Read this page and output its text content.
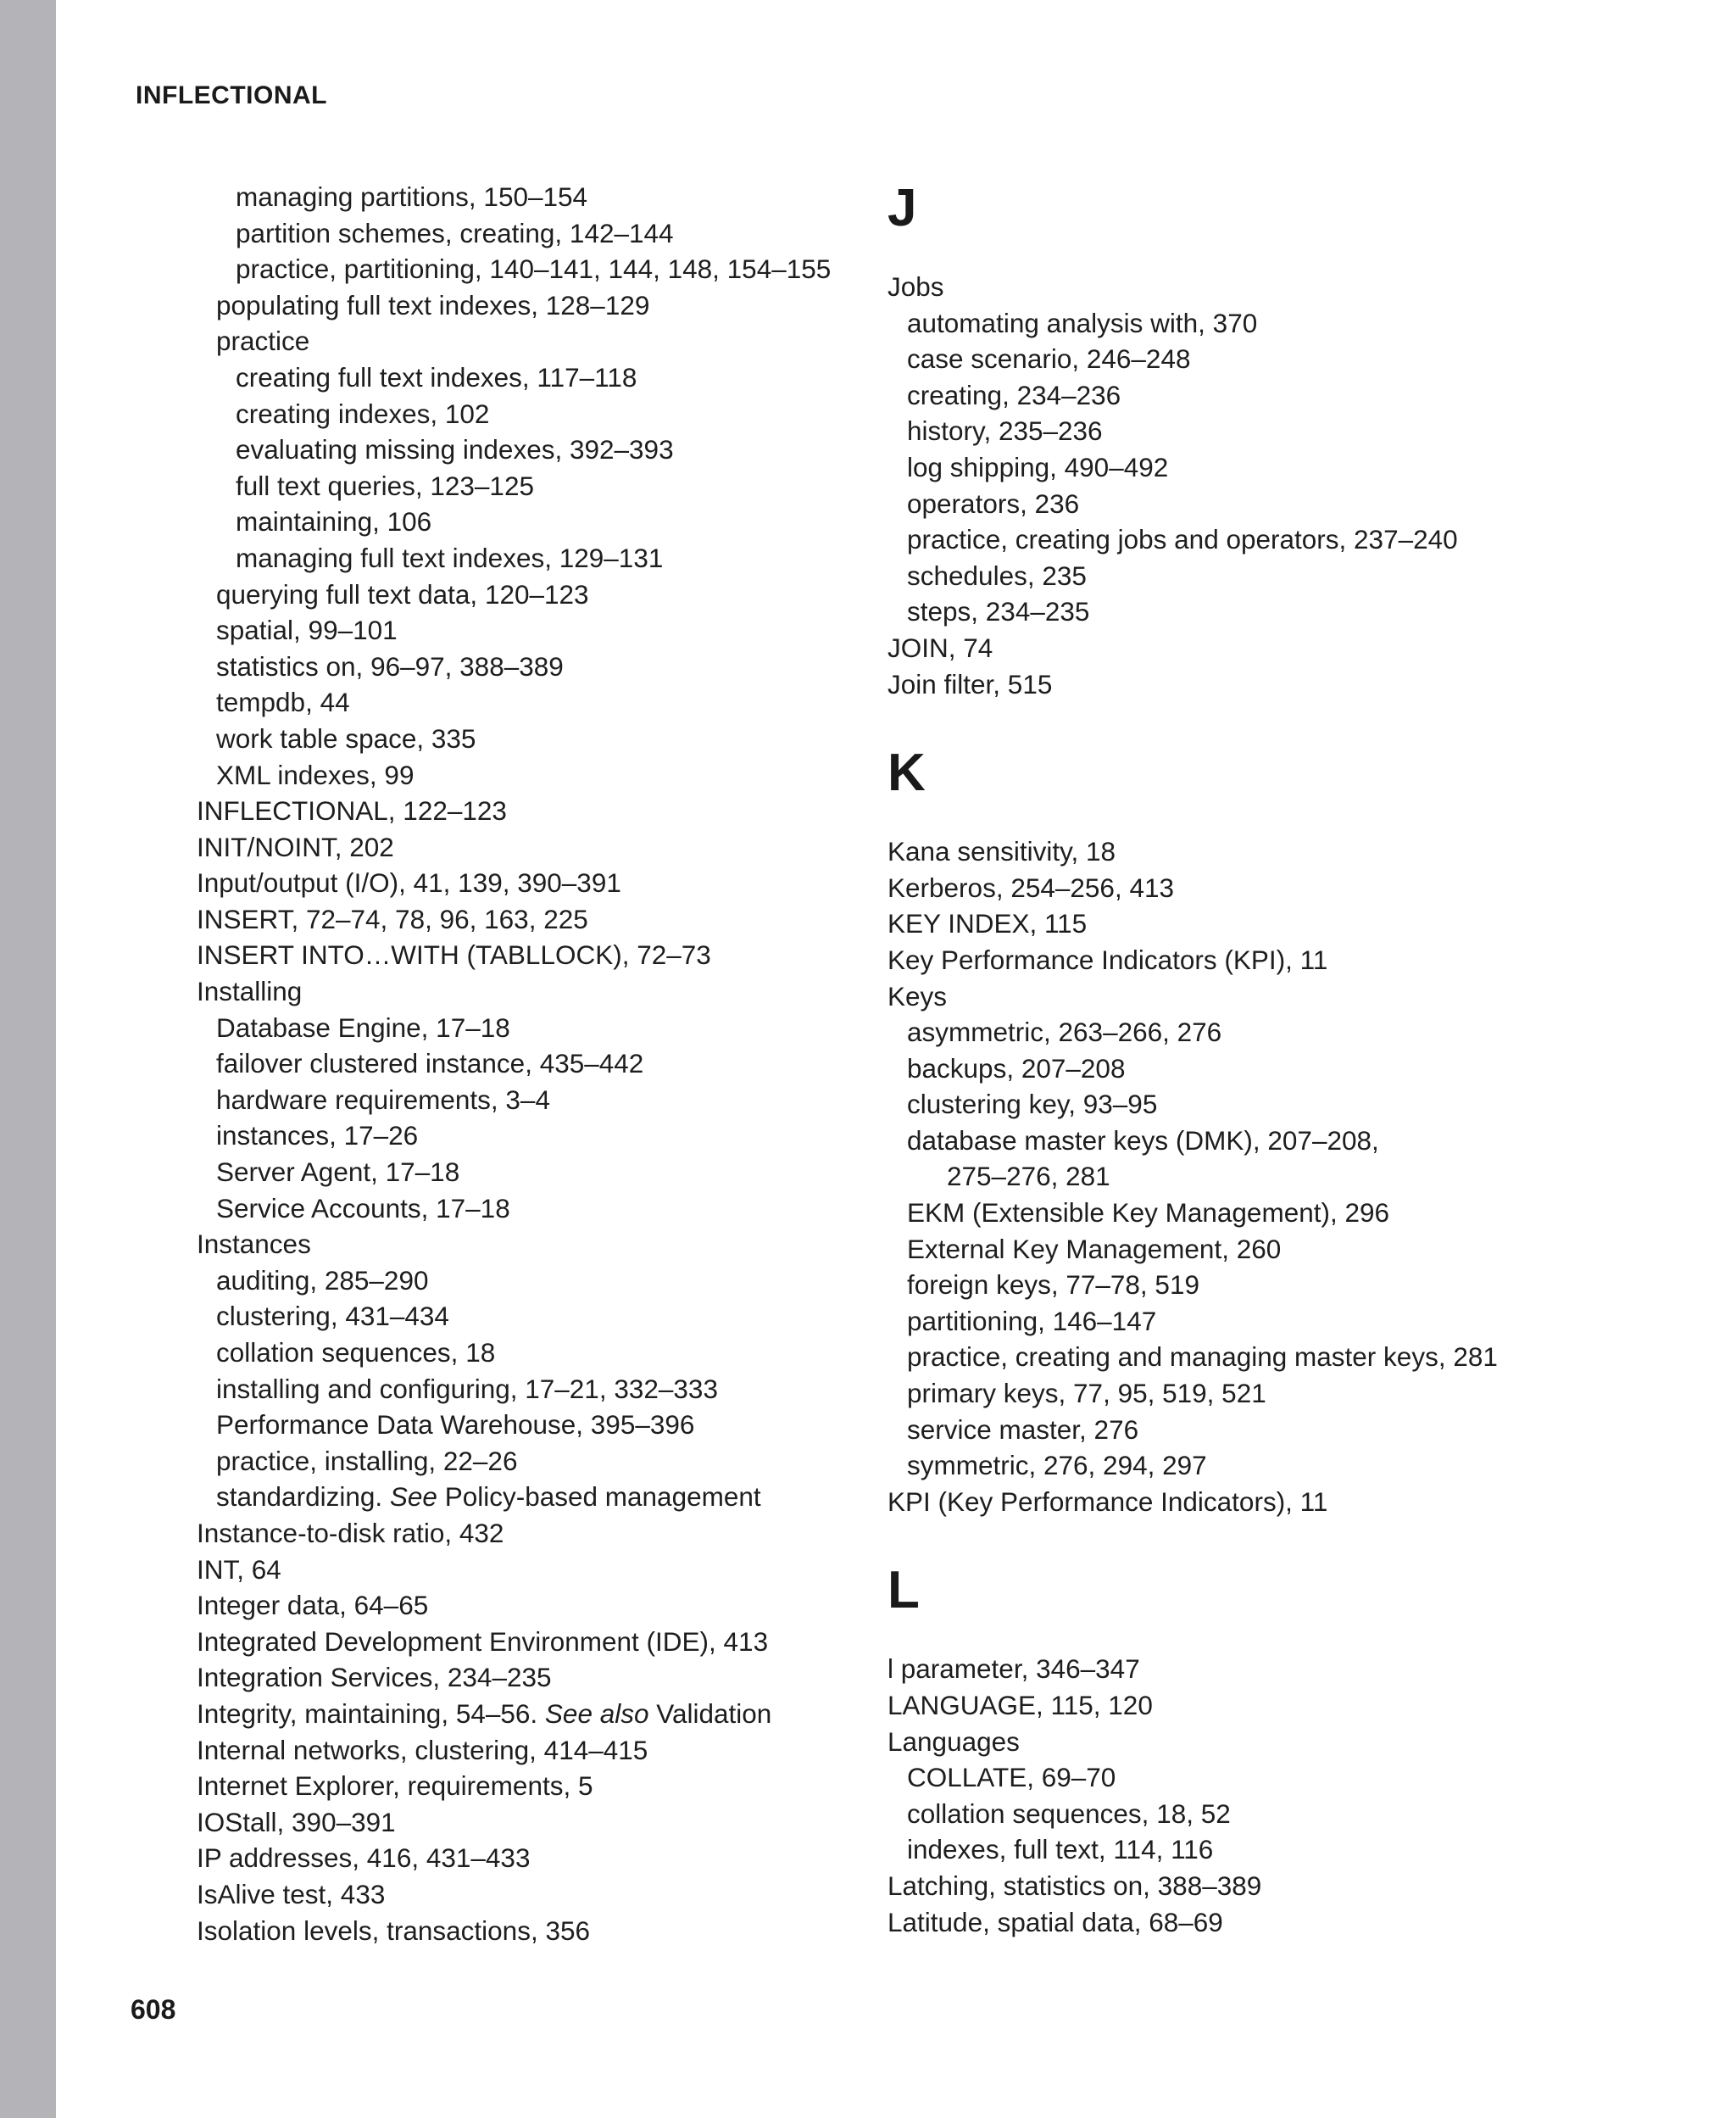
INFLECTIONAL
managing partitions, 150–154
partition schemes, creating, 142–144
practice, partitioning, 140–141, 144, 148, 154–155
populating full text indexes, 128–129
practice
creating full text indexes, 117–118
creating indexes, 102
evaluating missing indexes, 392–393
full text queries, 123–125
maintaining, 106
managing full text indexes, 129–131
querying full text data, 120–123
spatial, 99–101
statistics on, 96–97, 388–389
tempdb, 44
work table space, 335
XML indexes, 99
INFLECTIONAL, 122–123
INIT/NOINT, 202
Input/output (I/O), 41, 139, 390–391
INSERT, 72–74, 78, 96, 163, 225
INSERT INTO…WITH (TABLLOCK), 72–73
Installing
Database Engine, 17–18
failover clustered instance, 435–442
hardware requirements, 3–4
instances, 17–26
Server Agent, 17–18
Service Accounts, 17–18
Instances
auditing, 285–290
clustering, 431–434
collation sequences, 18
installing and configuring, 17–21, 332–333
Performance Data Warehouse, 395–396
practice, installing, 22–26
standardizing. See Policy-based management
Instance-to-disk ratio, 432
INT, 64
Integer data, 64–65
Integrated Development Environment (IDE), 413
Integration Services, 234–235
Integrity, maintaining, 54–56. See also Validation
Internal networks, clustering, 414–415
Internet Explorer, requirements, 5
IOStall, 390–391
IP addresses, 416, 431–433
IsAlive test, 433
Isolation levels, transactions, 356
J
Jobs
automating analysis with, 370
case scenario, 246–248
creating, 234–236
history, 235–236
log shipping, 490–492
operators, 236
practice, creating jobs and operators, 237–240
schedules, 235
steps, 234–235
JOIN, 74
Join filter, 515
K
Kana sensitivity, 18
Kerberos, 254–256, 413
KEY INDEX, 115
Key Performance Indicators (KPI), 11
Keys
asymmetric, 263–266, 276
backups, 207–208
clustering key, 93–95
database master keys (DMK), 207–208,
275–276, 281
EKM (Extensible Key Management), 296
External Key Management, 260
foreign keys, 77–78, 519
partitioning, 146–147
practice, creating and managing master keys, 281
primary keys, 77, 95, 519, 521
service master, 276
symmetric, 276, 294, 297
KPI (Key Performance Indicators), 11
L
l parameter, 346–347
LANGUAGE, 115, 120
Languages
COLLATE, 69–70
collation sequences, 18, 52
indexes, full text, 114, 116
Latching, statistics on, 388–389
Latitude, spatial data, 68–69
608
